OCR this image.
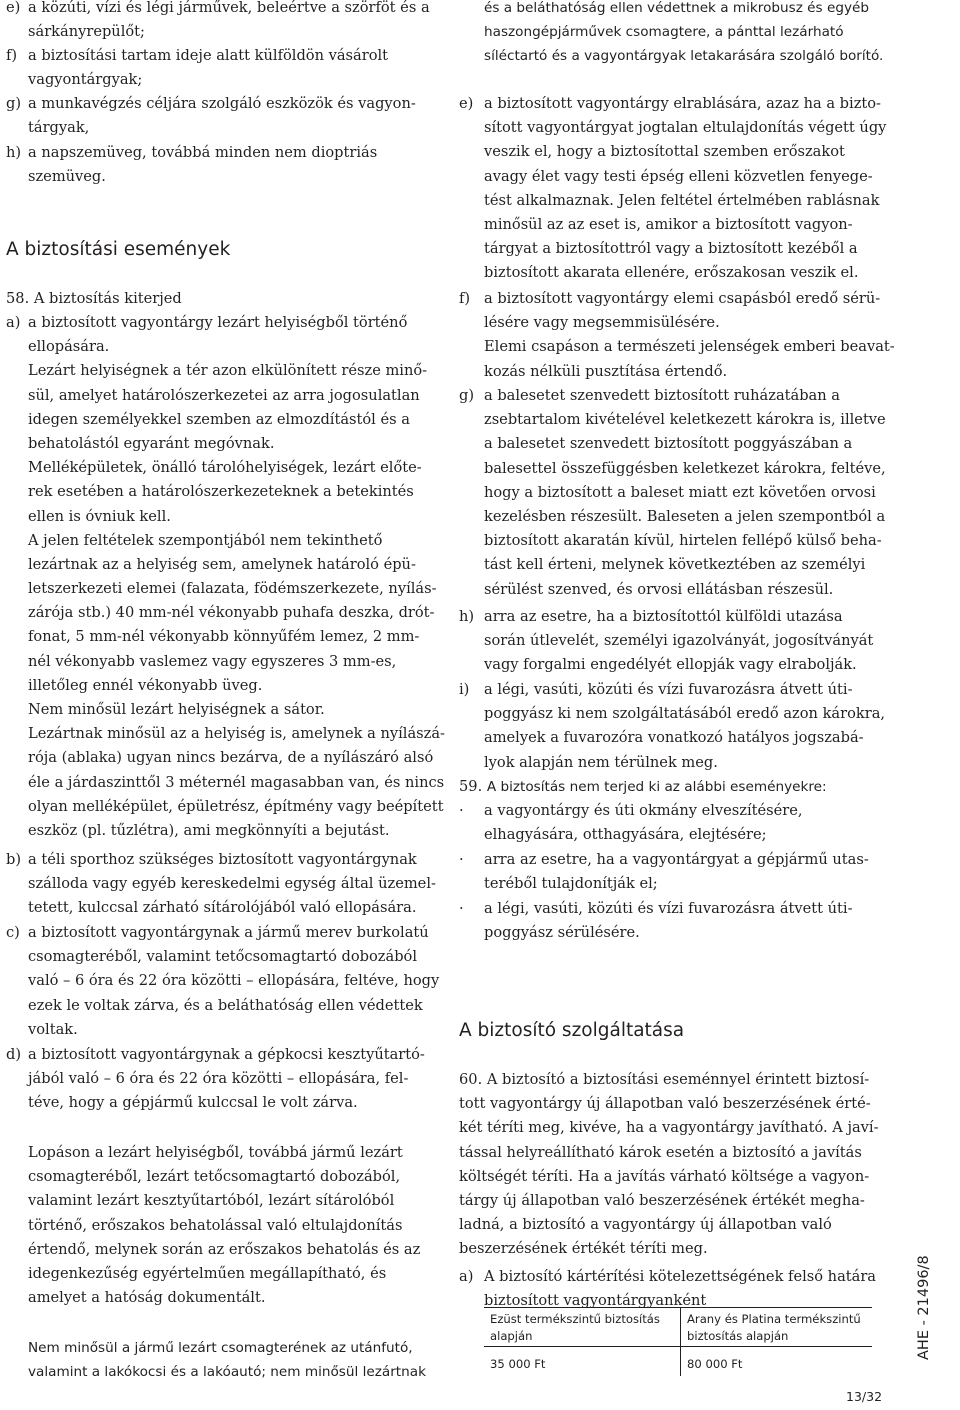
e) a közúti, vízi és légi járművek, beleértve a szörföt és a
sárkányrepülőt;
f) a biztosítási tartam ideje alatt külföldön vásárolt
vagyontárgyak;
g) a munkavégzés céljára szolgáló eszközök és vagyon-
tárgyak,
h) a napszemüveg, továbbá minden nem dioptriás
szemüveg.
A biztosítási események
58. A biztosítás kiterjed
a) a biztosított vagyontárgy lezárt helyiségből történő
ellopására.
Lezárt helyiségnek a tér azon elkülönített része minő-
sül, amelyet határolószerkezetei az arra jogosulatlan
idegen személyekkel szemben az elmozdítástól és a
behatolástól egyaránt megóvnak.
Melléképületek, önálló tárolóhelyiségek, lezárt előte-
rek esetében a határolószerkezeteknek a betekintés
ellen is óvniuk kell.
A jelen feltételek szempontjából nem tekinthető
lezártnak az a helyiség sem, amelynek határoló épü-
letszerkezeti elemei (falazata, födémszerkezete, nyílás-
zárója stb.) 40 mm-nél vékonyabb puhafa deszka, drót-
fonat, 5 mm-nél vékonyabb könnyűfém lemez, 2 mm-
nél vékonyabb vaslemez vagy egyszeres 3 mm-es,
illetőleg ennél vékonyabb üveg.
Nem minősül lezárt helyiségnek a sátor.
Lezártnak minősül az a helyiség is, amelynek a nyílászá-
rója (ablaka) ugyan nincs bezárva, de a nyílászáró alsó
éle a járdaszinttől 3 méternél magasabban van, és nincs
olyan melléképület, épületrész, építmény vagy beépített
eszköz (pl. tűzlétra), ami megkönnyíti a bejutást.
b) a téli sporthoz szükséges biztosított vagyontárgynak
szálloda vagy egyéb kereskedelmi egység által üzemel-
tetett, kulccsal zárható sítárolójából való ellopására.
c) a biztosított vagyontárgynak a jármű merev burkolatú
csomagteréből, valamint tetőcsomagtartó dobozából
való – 6 óra és 22 óra közötti – ellopására, feltéve, hogy
ezek le voltak zárva, és a beláthatóság ellen védettek
voltak.
d) a biztosított vagyontárgynak a gépkocsi kesztyűtartó-
jából való – 6 óra és 22 óra közötti – ellopására, fel-
téve, hogy a gépjármű kulccsal le volt zárva.
Lopáson a lezárt helyiségből, továbbá jármű lezárt
csomagteréből, lezárt tetőcsomagtartó dobozából,
valamint lezárt kesztyűtartóból, lezárt sítárolóból
történő, erőszakos behatolással való eltulajdonítás
értendő, melynek során az erőszakos behatolás és az
idegenkezűség egyértelműen megállapítható, és
amelyet a hatóság dokumentált.
Nem minősül a jármű lezárt csomagterének az utánfutó,
valamint a lakókocsi és a lakóautó; nem minősül lezártnak
és a beláthatóság ellen védettnek a mikrobusz és egyéb
haszongépjárművek csomagtere, a pánttal lezárható
síléctartó és a vagyontárgyak letakarására szolgáló borító.
e) a biztosított vagyontárgy elrablására, azaz ha a bizto-
sított vagyontárgyat jogtalan eltulajdonítás végett úgy
veszik el, hogy a biztosítottal szemben erőszakot
avagy élet vagy testi épség elleni közvetlen fenyege-
tést alkalmaznak. Jelen feltétel értelmében rablásnak
minősül az az eset is, amikor a biztosított vagyon-
tárgyat a biztosítottról vagy a biztosított kezéből a
biztosított akarata ellenére, erőszakosan veszik el.
f) a biztosított vagyontárgy elemi csapásból eredő sérü-
lésére vagy megsemmisülésére.
Elemi csapáson a természeti jelenségek emberi beavat-
kozás nélküli pusztítása értendő.
g) a balesetet szenvedett biztosított ruházatában a
zsebtartalom kivételével keletkezett károkra is, illetve
a balesetet szenvedett biztosított poggyászában a
balesettel összefüggésben keletkezet károkra, feltéve,
hogy a biztosított a baleset miatt ezt követően orvosi
kezelésben részesült. Baleseten a jelen szempontból a
biztosított akaratán kívül, hirtelen fellépő külső beha-
tást kell érteni, melynek következtében az személyi
sérülést szenved, és orvosi ellátásban részesül.
h) arra az esetre, ha a biztosítottól külföldi utazása
során útlevelét, személyi igazolványát, jogosítványát
vagy forgalmi engedélyét ellopják vagy elrabolják.
i) a légi, vasúti, közúti és vízi fuvarozásra átvett úti-
poggyász ki nem szolgáltatásából eredő azon károkra,
amelyek a fuvarozóra vonatkozó hatályos jogszabá-
lyok alapján nem térülnek meg.
59. A biztosítás nem terjed ki az alábbi eseményekre:
· a vagyontárgy és úti okmány elveszítésére,
elhagyására, otthagyására, elejtésére;
· arra az esetre, ha a vagyontárgyat a gépjármű utas-
teréből tulajdonítják el;
· a légi, vasúti, közúti és vízi fuvarozásra átvett úti-
poggyász sérülésére.
A biztosító szolgáltatása
60. A biztosító a biztosítási eseménnyel érintett biztosí-
tott vagyontárgy új állapotban való beszerzésének érté-
két téríti meg, kivéve, ha a vagyontárgy javítható. A javí-
tással helyreállítható károk esetén a biztosító a javítás
költségét téríti. Ha a javítás várható költsége a vagyon-
tárgy új állapotban való beszerzésének értékét megha-
ladná, a biztosító a vagyontárgy új állapotban való
beszerzésének értékét téríti meg.
a) A biztosító kártérítési kötelezettségének felső határa
biztosított vagyontárgyanként
Ezüst termékszintű biztosítás alapján	Arany és Platina termékszintű biztosítás alapján
35 000 Ft	80 000 Ft
AHE - 21496/8
13/32
